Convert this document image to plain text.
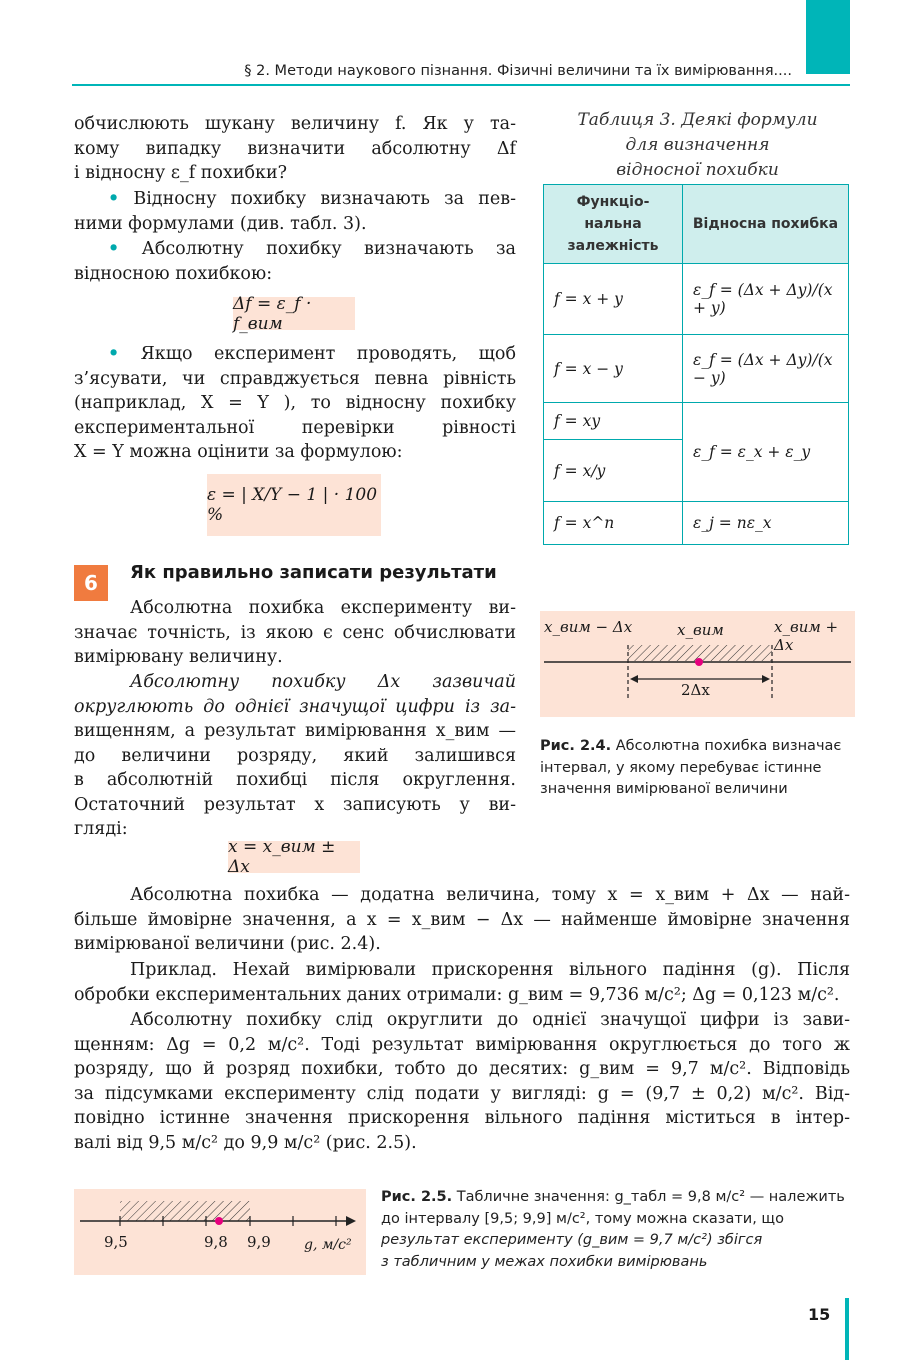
§ 2. Методи наукового пізнання. Фізичні величини та їх вимірювання....
обчислюють шукану величину f. Як у та-
кому випадку визначити абсолютну Δf
і відносну ε_f похибки?
• Відносну похибку визначають за пев-
ними формулами (див. табл. 3).
• Абсолютну похибку визначають за
відносною похибкою:
Δf = ε_f · f_вим
• Якщо експеримент проводять, щоб
з’ясувати, чи справджується певна рівність
(наприклад, X = Y ), то відносну похибку
експериментальної перевірки рівності
X = Y можна оцінити за формулою:
ε = | X/Y − 1 | · 100 %
Таблиця 3. Деякі формули
для визначення
відносної похибки
Функціо-нальна залежність	Відносна похибка
f = x + y	ε_f = (Δx + Δy)/(x + y)
f = x − y	ε_f = (Δx + Δy)/(x − y)
f = xy	ε_f = ε_x + ε_y
f = x/y	
f = x^n	ε_j = nε_x
6	Як правильно записати результати
Абсолютна похибка експерименту ви-
значає точність, із якою є сенс обчислювати
вимірювану величину.
Абсолютну похибку Δx зазвичай
округлюють до однієї значущої цифри із за-
вищенням, а результат вимірювання x_вим —
до величини розряду, який залишився
в абсолютній похибці після округлення.
Остаточний результат x записують у ви-
гляді:
x = x_вим ± Δx
x_вим − Δx	x_вим	x_вим + Δx
2Δx
Рис. 2.4. Абсолютна похибка визначає
інтервал, у якому перебуває істинне
значення вимірюваної величини
Абсолютна похибка — додатна величина, тому x = x_вим + Δx — най-
більше ймовірне значення, а x = x_вим − Δx — найменше ймовірне значення
вимірюваної величини (рис. 2.4).
Приклад. Нехай вимірювали прискорення вільного падіння (g). Після
обробки експериментальних даних отримали: g_вим = 9,736 м/с²; Δg = 0,123 м/с².
Абсолютну похибку слід округлити до однієї значущої цифри із зави-
щенням: Δg = 0,2 м/с². Тоді результат вимірювання округлюється до того ж
розряду, що й розряд похибки, тобто до десятих: g_вим = 9,7 м/с². Відповідь
за підсумками експерименту слід подати у вигляді: g = (9,7 ± 0,2) м/с². Від-
повідно істинне значення прискорення вільного падіння міститься в інтер-
валі від 9,5 м/с² до 9,9 м/с² (рис. 2.5).
9,5	9,8 9,9 g, м/с²
Рис. 2.5. Табличне значення: g_табл = 9,8 м/с² — належить
до інтервалу [9,5; 9,9] м/с², тому можна сказати, що
результат експерименту (g_вим = 9,7 м/с²) збігся
з табличним у межах похибки вимірювань
15
